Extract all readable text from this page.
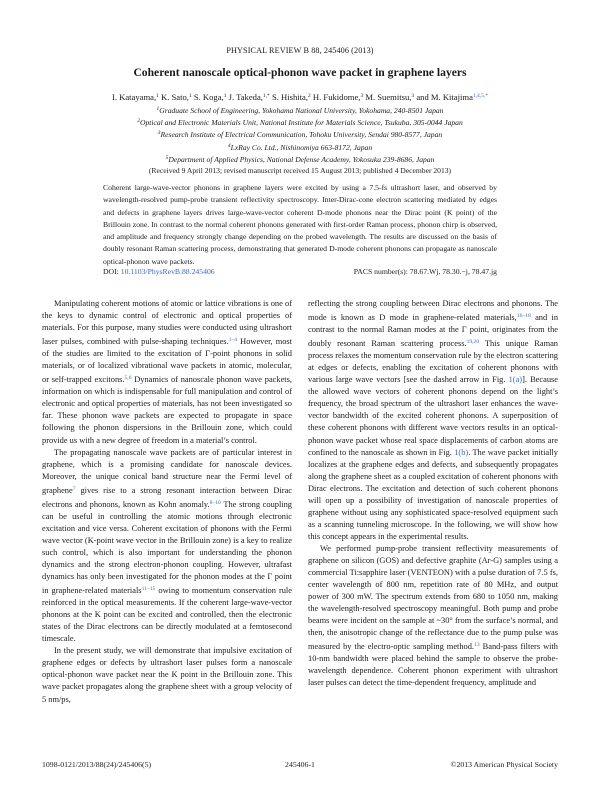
PHYSICAL REVIEW B 88, 245406 (2013)
Coherent nanoscale optical-phonon wave packet in graphene layers
I. Katayama,$^1$ K. Sato,$^1$ S. Koga,$^1$ J. Takeda,$^{1,*}$ S. Hishita,$^2$ H. Fukidome,$^3$ M. Suemitsu,$^3$ and M. Kitajima$^{1,4,5,*}$
$^1$Graduate School of Engineering, Yokohama National University, Yokohama, 240-8501 Japan
$^2$Optical and Electronic Materials Unit, National Institute for Materials Science, Tsukuba, 305-0044 Japan
$^3$Research Institute of Electrical Communication, Tohoku University, Sendai 980-8577, Japan
$^4$LxRay Co. Ltd., Nishinomiya 663-8172, Japan
$^5$Department of Applied Physics, National Defense Academy, Yokosuka 239-8686, Japan
(Received 9 April 2013; revised manuscript received 15 August 2013; published 4 December 2013)
Coherent large-wave-vector phonons in graphene layers were excited by using a 7.5-fs ultrashort laser, and observed by wavelength-resolved pump-probe transient reflectivity spectroscopy. Inter-Dirac-cone electron scattering mediated by edges and defects in graphene layers drives large-wave-vector coherent D-mode phonons near the Dirac point (K point) of the Brillouin zone. In contrast to the normal coherent phonons generated with first-order Raman process, phonon chirp is observed, and amplitude and frequency strongly change depending on the probed wavelength. The results are discussed on the basis of doubly resonant Raman scattering process, demonstrating that generated D-mode coherent phonons can propagate as nanoscale optical-phonon wave packets.
DOI: 10.1103/PhysRevB.88.245406	PACS number(s): 78.67.Wj, 78.30.−j, 78.47.jg

Manipulating coherent motions of atomic or lattice vibrations is one of the keys to dynamic control of electronic and optical properties of materials. For this purpose, many studies were conducted using ultrashort laser pulses, combined with pulse-shaping techniques.$^{1-4}$ However, most of the studies are limited to the excitation of Γ-point phonons in solid materials, or of localized vibrational wave packets in atomic, molecular, or self-trapped excitons.$^{5,6}$ Dynamics of nanoscale phonon wave packets, information on which is indispensable for full manipulation and control of electronic and optical properties of materials, has not been investigated so far. These phonon wave packets are expected to propagate in space following the phonon dispersions in the Brillouin zone, which could provide us with a new degree of freedom in a material’s control.

The propagating nanoscale wave packets are of particular interest in graphene, which is a promising candidate for nanoscale devices. Moreover, the unique conical band structure near the Fermi level of graphene$^7$ gives rise to a strong resonant interaction between Dirac electrons and phonons, known as Kohn anomaly.$^{8-10}$ The strong coupling can be useful in controlling the atomic motions through electronic excitation and vice versa. Coherent excitation of phonons with the Fermi wave vector (K-point wave vector in the Brillouin zone) is a key to realize such control, which is also important for understanding the phonon dynamics and the strong electron-phonon coupling. However, ultrafast dynamics has only been investigated for the phonon modes at the Γ point in graphene-related materials$^{11-15}$ owing to momentum conservation rule reinforced in the optical measurements. If the coherent large-wave-vector phonons at the K point can be excited and controlled, then the electronic states of the Dirac electrons can be directly modulated at a femtosecond timescale.

In the present study, we will demonstrate that impulsive excitation of graphene edges or defects by ultrashort laser pulses form a nanoscale optical-phonon wave packet near the K point in the Brillouin zone. This wave packet propagates along the graphene sheet with a group velocity of 5 nm/ps,

reflecting the strong coupling between Dirac electrons and phonons. The mode is known as D mode in graphene-related materials,$^{16-18}$ and in contrast to the normal Raman modes at the Γ point, originates from the doubly resonant Raman scattering process.$^{19,20}$ This unique Raman process relaxes the momentum conservation rule by the electron scattering at edges or defects, enabling the excitation of coherent phonons with various large wave vectors [see the dashed arrow in Fig. 1(a)]. Because the allowed wave vectors of coherent phonons depend on the light’s frequency, the broad spectrum of the ultrashort laser enhances the wave-vector bandwidth of the excited coherent phonons. A superposition of these coherent phonons with different wave vectors results in an optical-phonon wave packet whose real space displacements of carbon atoms are confined to the nanoscale as shown in Fig. 1(b). The wave packet initially localizes at the graphene edges and defects, and subsequently propagates along the graphene sheet as a coupled excitation of coherent phonons with Dirac electrons. The excitation and detection of such coherent phonons will open up a possibility of investigation of nanoscale properties of graphene without using any sophisticated space-resolved equipment such as a scanning tunneling microscope. In the following, we will show how this concept appears in the experimental results.

We performed pump-probe transient reflectivity measurements of graphene on silicon (GOS) and defective graphite (Ar-G) samples using a commercial Ti:sapphire laser (VENTEON) with a pulse duration of 7.5 fs, center wavelength of 800 nm, repetition rate of 80 MHz, and output power of 300 mW. The spectrum extends from 680 to 1050 nm, making the wavelength-resolved spectroscopy meaningful. Both pump and probe beams were incident on the sample at ~30° from the surface’s normal, and then, the anisotropic change of the reflectance due to the pump pulse was measured by the electro-optic sampling method.$^{13}$ Band-pass filters with 10-nm bandwidth were placed behind the sample to observe the probe-wavelength dependence. Coherent phonon experiment with ultrashort laser pulses can detect the time-dependent frequency, amplitude and

1098-0121/2013/88(24)/245406(5)	245406-1	©2013 American Physical Society
